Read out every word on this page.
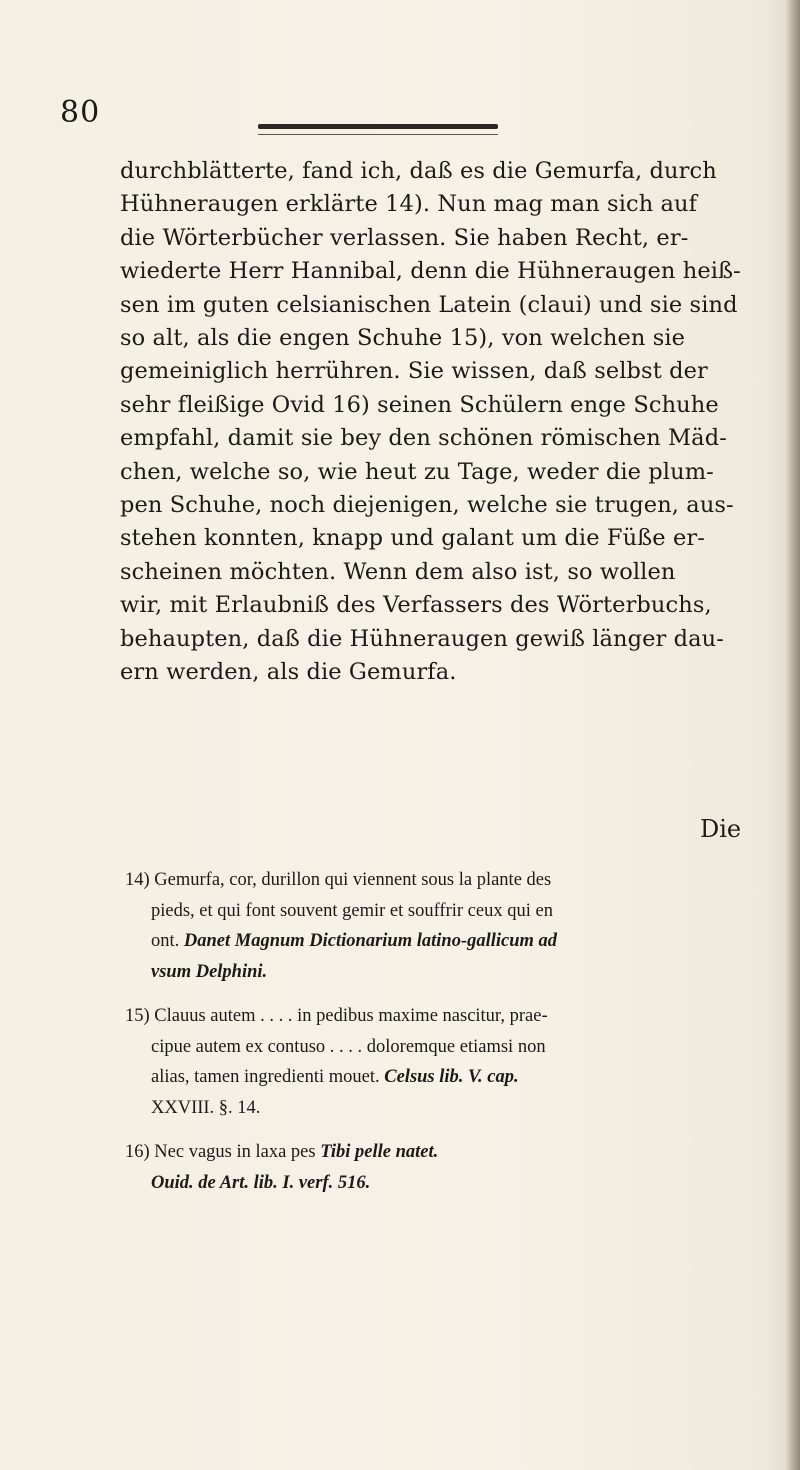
80
durchblätterte, fand ich, daß es die Gemurfa, durch
Hühneraugen erklärte 14). Nun mag man sich auf
die Wörterbücher verlassen. Sie haben Recht, er-
wiederte Herr Hannibal, denn die Hühneraugen heiß-
sen im guten celsianischen Latein (claui) und sie sind
so alt, als die engen Schuhe 15), von welchen sie
gemeiniglich herrühren. Sie wissen, daß selbst der
sehr fleißige Ovid 16) seinen Schülern enge Schuhe
empfahl, damit sie bey den schönen römischen Mäd-
chen, welche so, wie heut zu Tage, weder die plum-
pen Schuhe, noch diejenigen, welche sie trugen, aus-
stehen konnten, knapp und galant um die Füße er-
scheinen möchten. Wenn dem also ist, so wollen
wir, mit Erlaubniß des Verfassers des Wörterbuchs,
behaupten, daß die Hühneraugen gewiß länger dau-
ern werden, als die Gemurfa.
Die
14) Gemurfa, cor, durillon qui viennent sous la plante des
pieds, et qui font souvent gemir et souffrir ceux qui en
ont. Danet Magnum Dictionarium latino-gallicum ad
vsum Delphini.
15) Clauus autem . . . . in pedibus maxime nascitur, prae-
cipue autem ex contuso . . . . doloremque etiamsi non
alias, tamen ingredienti mouet. Celsus lib. V. cap.
XXVIII. §. 14.
16) Nec vagus in laxa pes Tibi pelle natet.
Ouid. de Art. lib. I. verf. 516.
